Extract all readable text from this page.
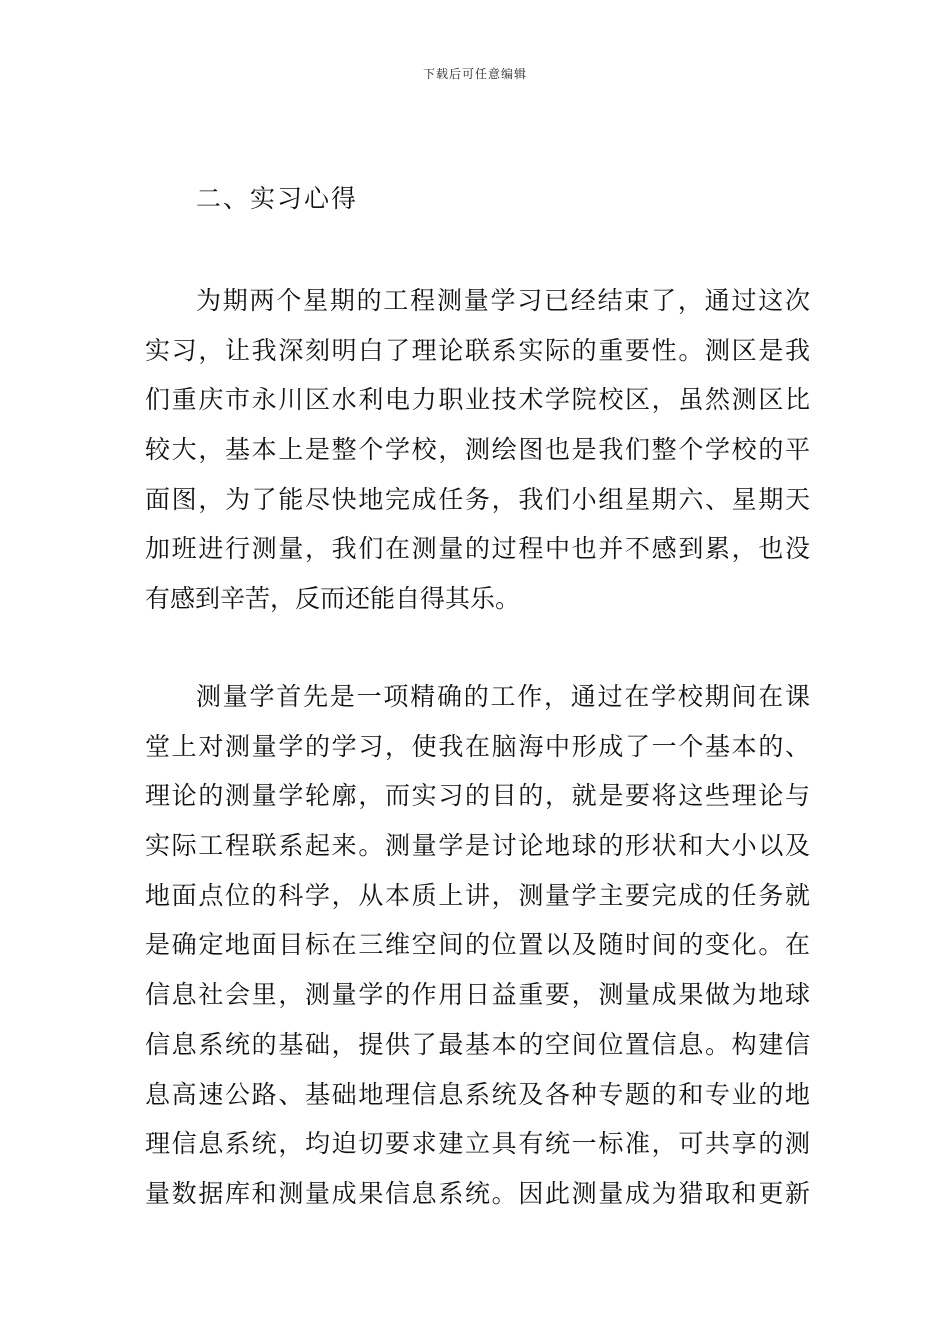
下载后可任意编辑
二、实习心得
为期两个星期的工程测量学习已经结束了，通过这次
实习，让我深刻明白了理论联系实际的重要性。测区是我
们重庆市永川区水利电力职业技术学院校区，虽然测区比
较大，基本上是整个学校，测绘图也是我们整个学校的平
面图，为了能尽快地完成任务，我们小组星期六、星期天
加班进行测量，我们在测量的过程中也并不感到累，也没
有感到辛苦，反而还能自得其乐。
测量学首先是一项精确的工作，通过在学校期间在课
堂上对测量学的学习，使我在脑海中形成了一个基本的、
理论的测量学轮廓，而实习的目的，就是要将这些理论与
实际工程联系起来。测量学是讨论地球的形状和大小以及
地面点位的科学，从本质上讲，测量学主要完成的任务就
是确定地面目标在三维空间的位置以及随时间的变化。在
信息社会里，测量学的作用日益重要，测量成果做为地球
信息系统的基础，提供了最基本的空间位置信息。构建信
息高速公路、基础地理信息系统及各种专题的和专业的地
理信息系统，均迫切要求建立具有统一标准，可共享的测
量数据库和测量成果信息系统。因此测量成为猎取和更新
